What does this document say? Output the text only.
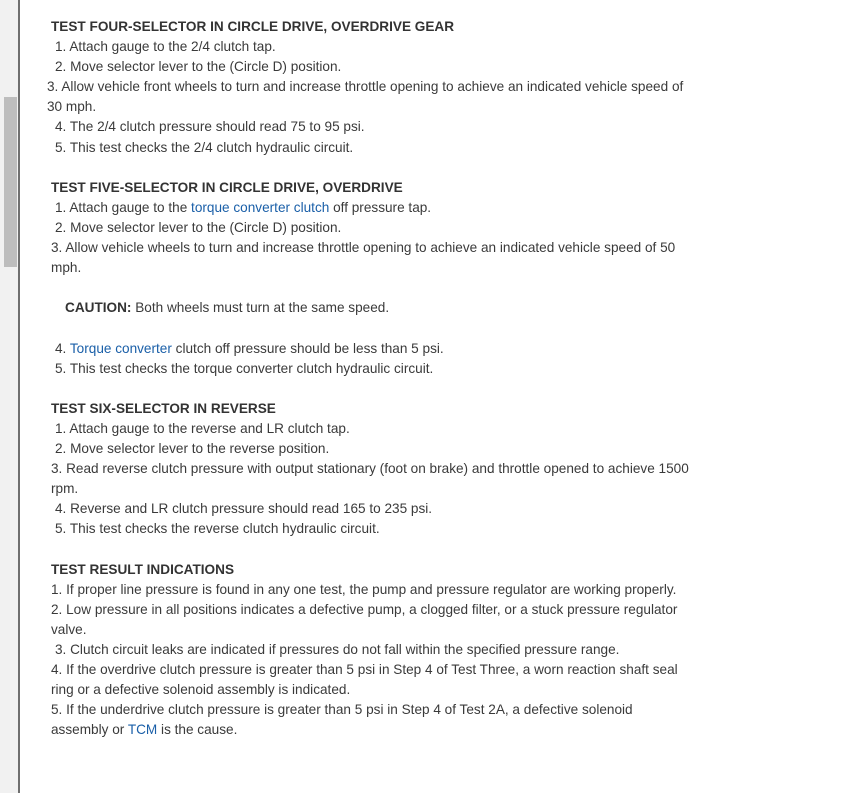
TEST FOUR-SELECTOR IN CIRCLE DRIVE, OVERDRIVE GEAR
1. Attach gauge to the 2/4 clutch tap.
2. Move selector lever to the (Circle D) position.
3. Allow vehicle front wheels to turn and increase throttle opening to achieve an indicated vehicle speed of 30 mph.
4. The 2/4 clutch pressure should read 75 to 95 psi.
5. This test checks the 2/4 clutch hydraulic circuit.
TEST FIVE-SELECTOR IN CIRCLE DRIVE, OVERDRIVE
1. Attach gauge to the torque converter clutch off pressure tap.
2. Move selector lever to the (Circle D) position.
3. Allow vehicle wheels to turn and increase throttle opening to achieve an indicated vehicle speed of 50 mph.
CAUTION: Both wheels must turn at the same speed.
4. Torque converter clutch off pressure should be less than 5 psi.
5. This test checks the torque converter clutch hydraulic circuit.
TEST SIX-SELECTOR IN REVERSE
1. Attach gauge to the reverse and LR clutch tap.
2. Move selector lever to the reverse position.
3. Read reverse clutch pressure with output stationary (foot on brake) and throttle opened to achieve 1500 rpm.
4. Reverse and LR clutch pressure should read 165 to 235 psi.
5. This test checks the reverse clutch hydraulic circuit.
TEST RESULT INDICATIONS
1. If proper line pressure is found in any one test, the pump and pressure regulator are working properly.
2. Low pressure in all positions indicates a defective pump, a clogged filter, or a stuck pressure regulator valve.
3. Clutch circuit leaks are indicated if pressures do not fall within the specified pressure range.
4. If the overdrive clutch pressure is greater than 5 psi in Step 4 of Test Three, a worn reaction shaft seal ring or a defective solenoid assembly is indicated.
5. If the underdrive clutch pressure is greater than 5 psi in Step 4 of Test 2A, a defective solenoid assembly or TCM is the cause.
